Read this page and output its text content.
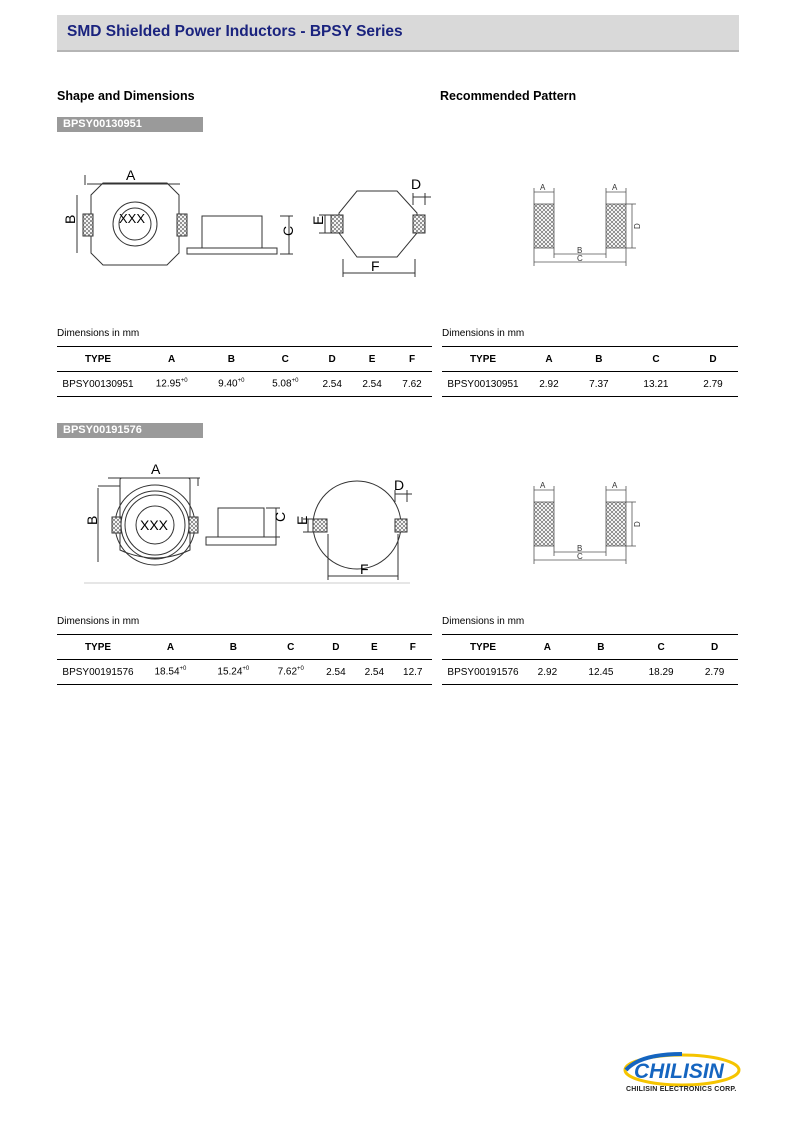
SMD Shielded Power Inductors - BPSY Series
Shape and Dimensions	Recommended Pattern
BPSY00130951
XXX
A
B
C
D
E
F
A	A
B
C
D
Dimensions in mm	Dimensions in mm
TYPE	A	B	C	D	E	F
BPSY00130951	$12.95^{+0}$	$9.40^{+0}$	$5.08^{+0}$	2.54	2.54	7.62
TYPE	A	B	C	D
BPSY00130951	2.92	7.37	13.21	2.79
BPSY00191576
XXX
A
B	C
D
E
F
A	A
B
C
D
Dimensions in mm	Dimensions in mm
TYPE	A	B	C	D	E	F
BPSY00191576	$18.54^{+0}$	$15.24^{+0}$	$7.62^{+0}$	2.54	2.54	12.7
TYPE	A	B	C	D
BPSY00191576	2.92	12.45	18.29	2.79
CHILISIN
CHILISIN ELECTRONICS CORP.
